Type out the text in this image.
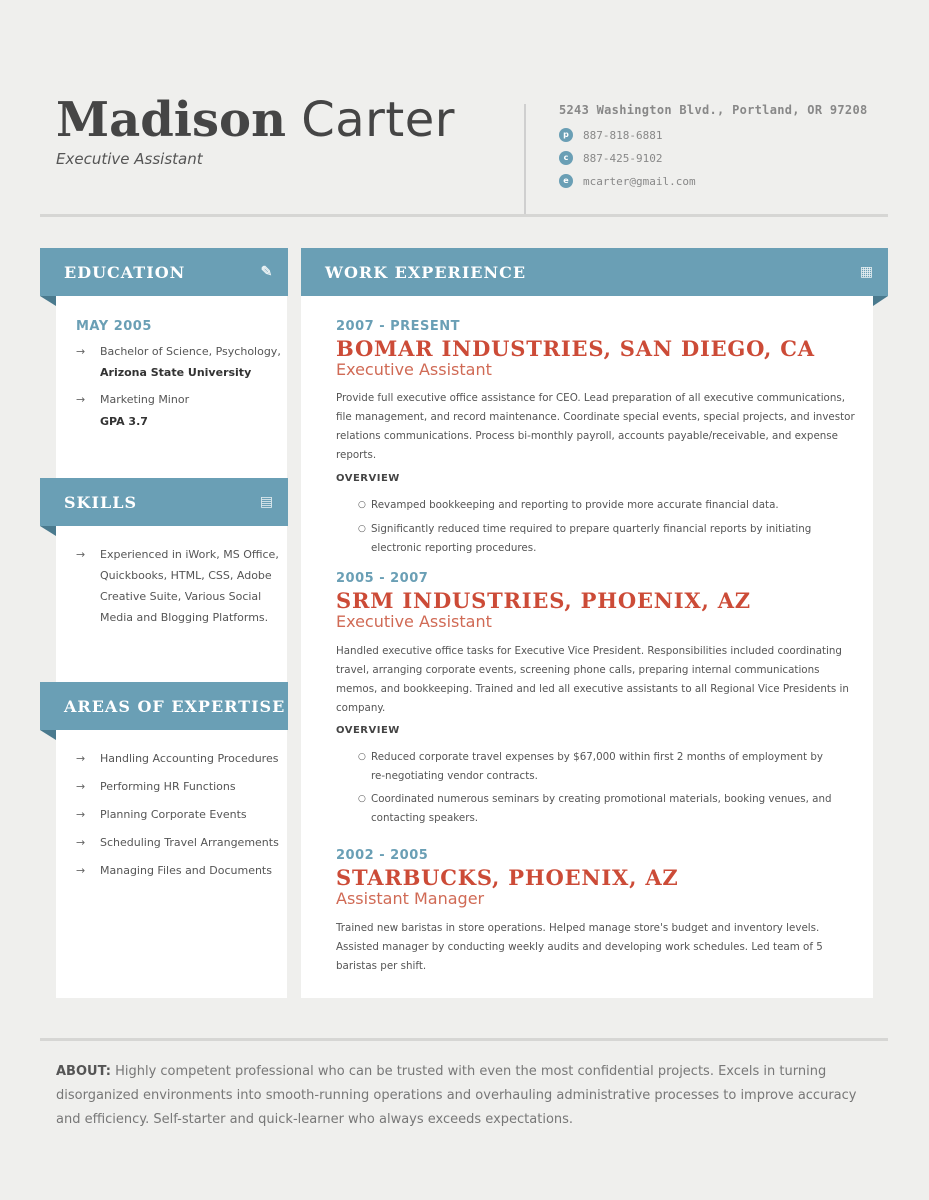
Madison Carter
Executive Assistant
5243 Washington Blvd., Portland, OR 97208
p	887-818-6881
c	887-425-9102
e	mcarter@gmail.com
EDUCATION	✎
MAY 2005
→ Bachelor of Science, Psychology,
Arizona State University
→ Marketing Minor
GPA 3.7
SKILLS	▤
→ Experienced in iWork, MS Office, Quickbooks, HTML, CSS, Adobe Creative Suite, Various Social Media and Blogging Platforms.
AREAS OF EXPERTISE
→ Handling Accounting Procedures
→ Performing HR Functions
→ Planning Corporate Events
→ Scheduling Travel Arrangements
→ Managing Files and Documents
WORK EXPERIENCE	▦
2007 - PRESENT
BOMAR INDUSTRIES, SAN DIEGO, CA
Executive Assistant
Provide full executive office assistance for CEO. Lead preparation of all executive communications, file management, and record maintenance. Coordinate special events, special projects, and investor relations communications. Process bi-monthly payroll, accounts payable/receivable, and expense reports.
OVERVIEW
○ Revamped bookkeeping and reporting to provide more accurate financial data.
○ Significantly reduced time required to prepare quarterly financial reports by initiating electronic reporting procedures.
2005 - 2007
SRM INDUSTRIES, PHOENIX, AZ
Executive Assistant
Handled executive office tasks for Executive Vice President. Responsibilities included coordinating travel, arranging corporate events, screening phone calls, preparing internal communications memos, and bookkeeping. Trained and led all executive assistants to all Regional Vice Presidents in company.
OVERVIEW
○ Reduced corporate travel expenses by $67,000 within first 2 months of employment by re-negotiating vendor contracts.
○ Coordinated numerous seminars by creating promotional materials, booking venues, and contacting speakers.
2002 - 2005
STARBUCKS, PHOENIX, AZ
Assistant Manager
Trained new baristas in store operations. Helped manage store's budget and inventory levels. Assisted manager by conducting weekly audits and developing work schedules. Led team of 5 baristas per shift.
ABOUT: Highly competent professional who can be trusted with even the most confidential projects. Excels in turning disorganized environments into smooth-running operations and overhauling administrative processes to improve accuracy and efficiency. Self-starter and quick-learner who always exceeds expectations.
